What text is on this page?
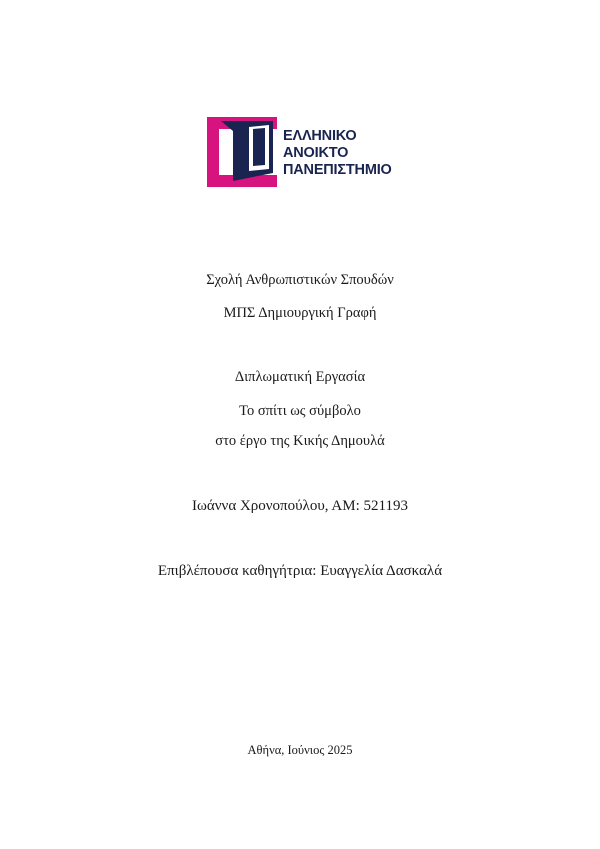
ΕΛΛΗΝΙΚΟ
ΑΝΟΙΚΤΟ
ΠΑΝΕΠΙΣΤΗΜΙΟ
Σχολή Ανθρωπιστικών Σπουδών
ΜΠΣ Δημιουργική Γραφή
Διπλωματική Εργασία
Το σπίτι ως σύμβολο
στο έργο της Κικής Δημουλά
Ιωάννα Χρονοπούλου, ΑΜ: 521193
Επιβλέπουσα καθηγήτρια: Ευαγγελία Δασκαλά
Αθήνα, Ιούνιος 2025
